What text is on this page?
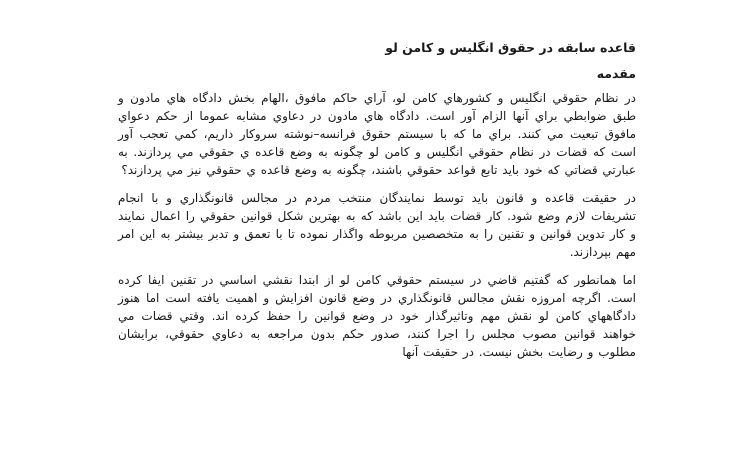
قاعده سابقه در حقوق انگليس و کامن لو
مقدمه

در نظام حقوقي انگليس و کشورهاي کامن لو، آراي حاکم مافوق ،الهام بخش دادگاه هاي مادون و طبق ضوابطي براي آنها الزام آور است. دادگاه هاي مادون در دعاوي مشابه عموما از حکم دعواي مافوق تبعيت مي کنند. براي ما که با سيستم حقوق فرانسه–نوشته سروکار داريم، کمي تعجب آور است که قضات در نظام حقوقي انگليس و کامن لو چگونه به وضع قاعده ي حقوقي مي پردازند. به عبارتي قضاتي که خود بايد تابع قواعد حقوقي باشند، چگونه به وضع قاعده ي حقوقي نيز مي پردازند؟

در حقيقت قاعده و قانون بايد توسط نمايندگان منتخب مردم در مجالس قانونگذاري و با انجام تشريفات لازم وضع شود. کار قضات بايد اين باشد که به بهترين شکل قوانين حقوقي را اعمال نمايند و کار تدوين قوانين و تقنين را به متخصصين مربوطه واگذار نموده تا با تعمق و تدبر بيشتر به اين امر مهم بپردازند.

اما همانطور که گفتيم قاضي در سيستم حقوقي کامن لو از ابتدا نقشي اساسي در تقنين ايفا کرده است. اگرچه امروزه نقش مجالس قانونگذاري در وضع قانون افزايش و اهميت يافته است اما هنوز دادگاههاي کامن لو نقش مهم وتاثيرگذار خود در وضع قوانين را حفظ کرده اند. وقتي قضات مي خواهند قوانين مصوب مجلس را اجرا کنند، صدور حکم بدون مراجعه به دعاوي حقوقي، برايشان مطلوب و رضايت بخش نيست. در حقيقت آنها
